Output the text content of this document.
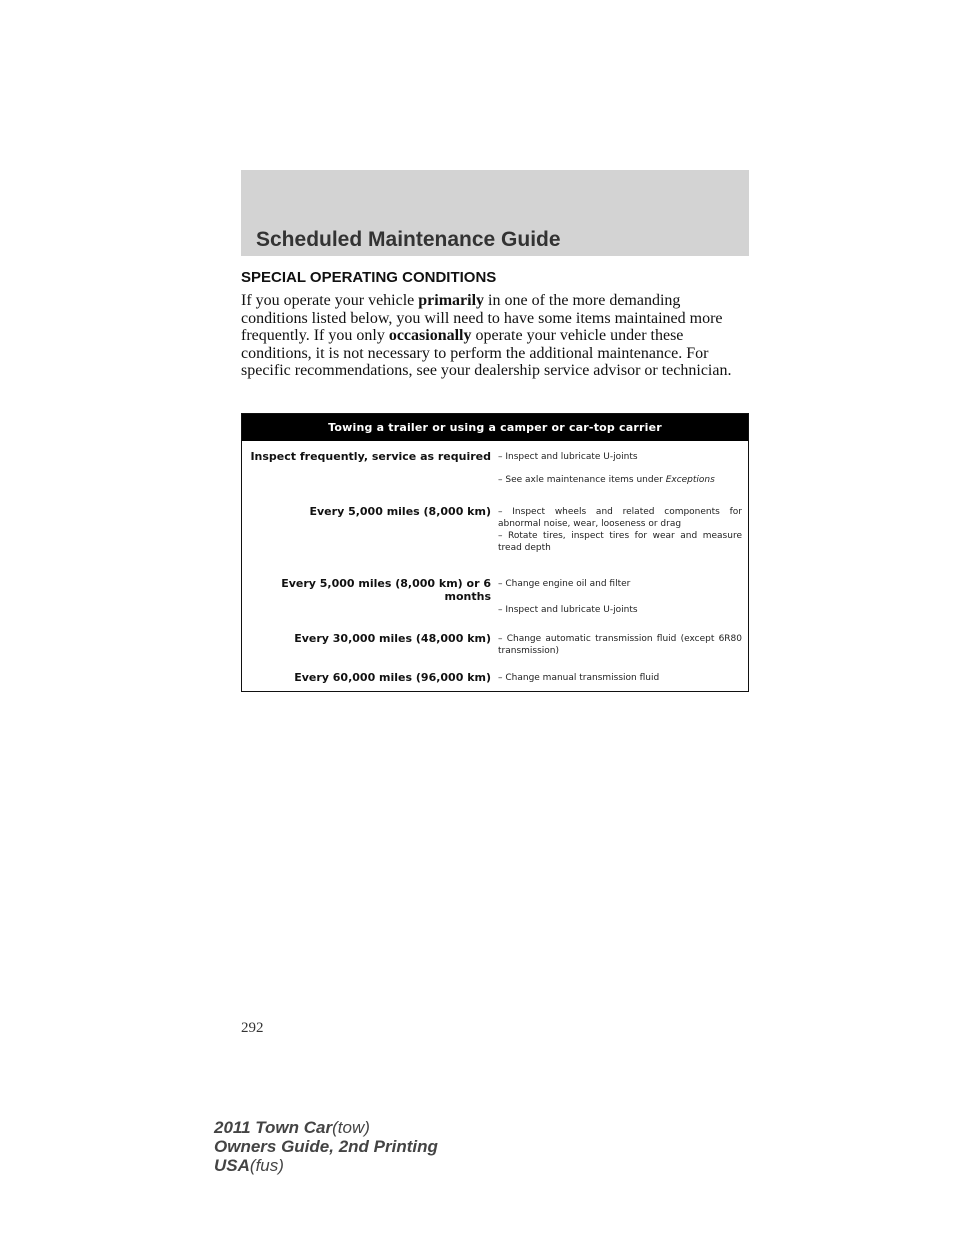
Scheduled Maintenance Guide
SPECIAL OPERATING CONDITIONS
If you operate your vehicle primarily in one of the more demanding conditions listed below, you will need to have some items maintained more frequently. If you only occasionally operate your vehicle under these conditions, it is not necessary to perform the additional maintenance. For specific recommendations, see your dealership service advisor or technician.
Towing a trailer or using a camper or car-top carrier
Inspect frequently, service as required – Inspect and lubricate U-joints
– See axle maintenance items under Exceptions
Every 5,000 miles (8,000 km) – Inspect wheels and related components for abnormal noise, wear, looseness or drag
– Rotate tires, inspect tires for wear and measure tread depth
Every 5,000 miles (8,000 km) or 6 months
– Change engine oil and filter
– Inspect and lubricate U-joints
Every 30,000 miles (48,000 km) – Change automatic transmission fluid (except 6R80 transmission)
Every 60,000 miles (96,000 km) – Change manual transmission fluid
292
2011 Town Car(tow)
Owners Guide, 2nd Printing
USA(fus)
